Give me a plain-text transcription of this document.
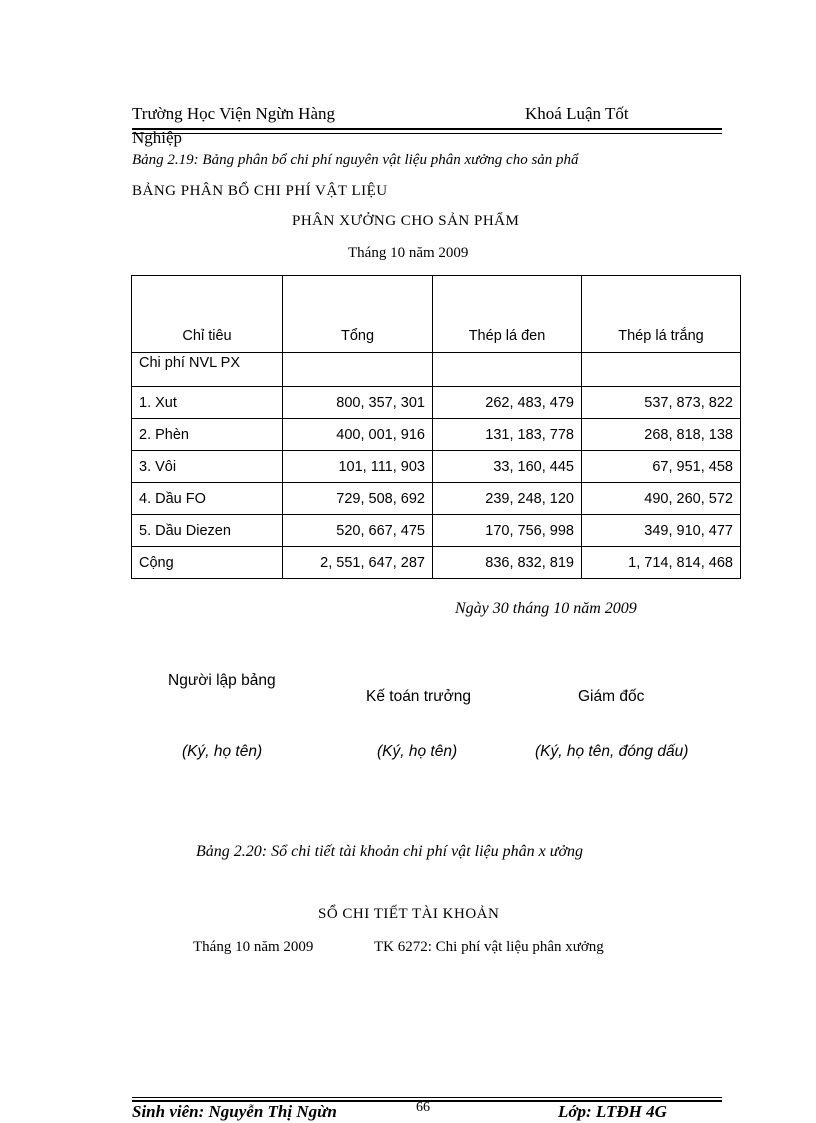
Trường Học Viện Ngừn Hàng	Khoá Luận Tốt
Nghiệp
Bảng 2.19: Bảng phân bổ chi phí nguyên vật liệu phân xưởng cho sản phẩ
BẢNG PHÂN BỔ CHI PHÍ VẬT LIỆU
PHÂN XƯỞNG CHO SẢN PHẨM
Tháng 10 năm 2009
Chỉ tiêu	Tổng	Thép lá đen	Thép lá trắng
Chi phí NVL PX			
1. Xut	800, 357, 301	262, 483, 479	537, 873, 822
2. Phèn	400, 001, 916	131, 183, 778	268, 818, 138
3. Vôi	101, 111, 903	33, 160, 445	67, 951, 458
4. Dầu FO	729, 508, 692	239, 248, 120	490, 260, 572
5. Dầu Diezen	520, 667, 475	170, 756, 998	349, 910, 477
Cộng	2, 551, 647, 287	836, 832, 819	1, 714, 814, 468
Ngày 30 tháng 10 năm 2009
Người lập bảng
Kế toán trưởng	Giám đốc
(Ký, họ tên)	(Ký, họ tên)	(Ký, họ tên, đóng dấu)
Bảng 2.20: Sổ chi tiết tài khoản chi phí vật liệu phân x ưởng
SỔ CHI TIẾT TÀI KHOẢN
Tháng 10 năm 2009	TK 6272: Chi phí vật liệu phân xưởng
Sinh viên: Nguyễn Thị Ngừn	66	Lớp: LTĐH 4G
